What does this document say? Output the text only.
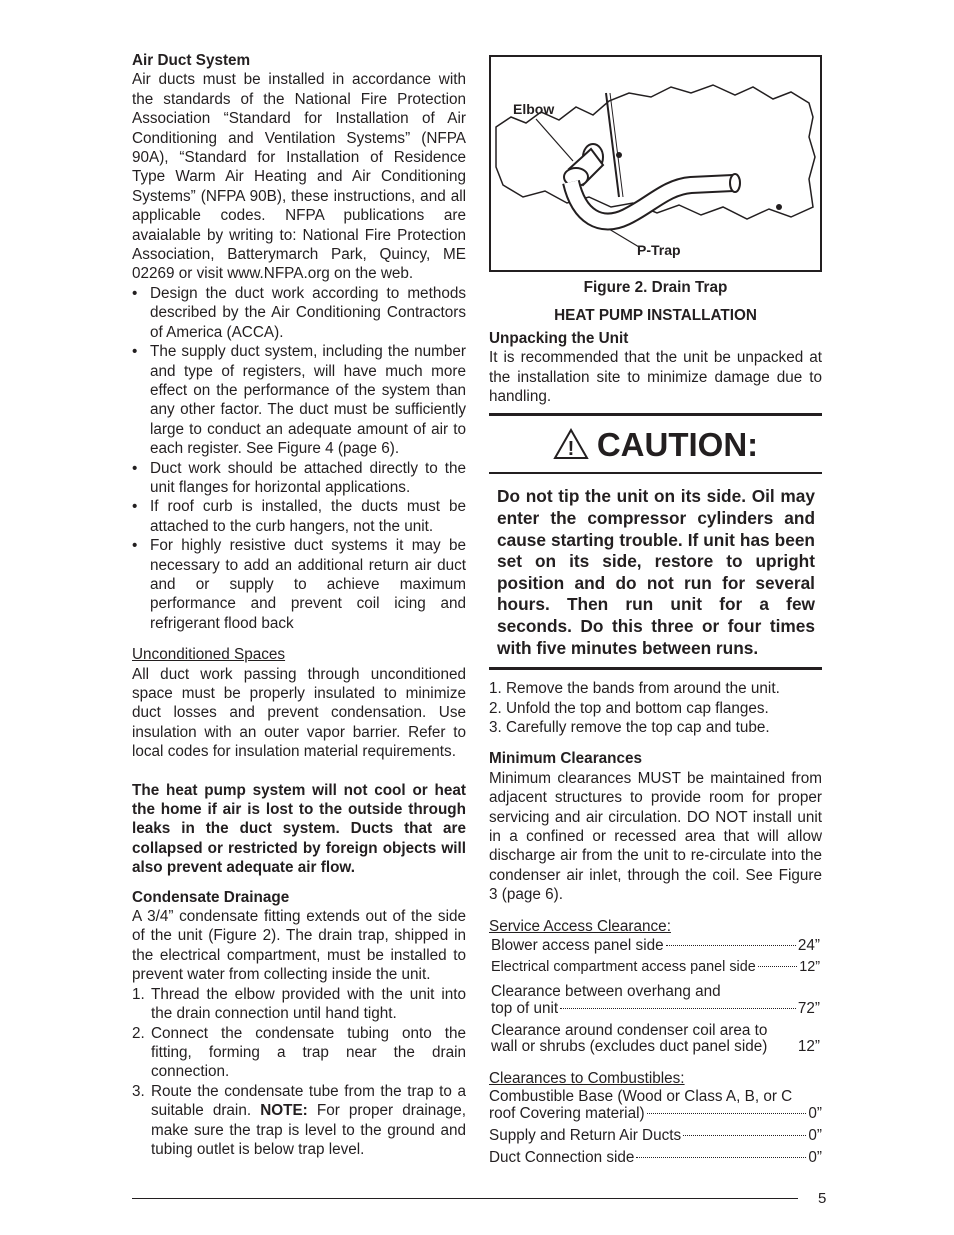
Air Duct System

Air ducts must be installed in accordance with the standards of the National Fire Protection Association “Standard for Installation of Air Conditioning and Ventilation Systems” (NFPA 90A), “Standard for Installation of Residence Type Warm Air Heating and Air Conditioning Systems” (NFPA 90B), these instructions, and all applicable codes. NFPA publications are avaialable by writing to: National Fire Protection Association, Batterymarch Park, Quincy, ME 02269 or visit www.NFPA.org on the web.

• Design the duct work according to methods described by the Air Conditioning Contractors of America (ACCA).
• The supply duct system, including the number and type of registers, will have much more effect on the performance of the system than any other factor. The duct must be sufficiently large to conduct an adequate amount of air to each register. See Figure 4 (page 6).
• Duct work should be attached directly to the unit flanges for horizontal applications.
• If roof curb is installed, the ducts must be attached to the curb hangers, not the unit.
• For highly resistive duct systems it may be necessary to add an additional return air duct and or supply to achieve maximum performance and prevent coil icing and refrigerant flood back

Unconditioned Spaces

All duct work passing through unconditioned space must be properly insulated to minimize duct losses and prevent condensation. Use insulation with an outer vapor barrier. Refer to local codes for insulation material requirements.

The heat pump system will not cool or heat the home if air is lost to the outside through leaks in the duct system. Ducts that are collapsed or restricted by foreign objects will also prevent adequate air flow.

Condensate Drainage

A 3/4” condensate fitting extends out of the side of the unit (Figure 2). The drain trap, shipped in the electrical compartment, must be installed to prevent water from collecting inside the unit.

1. Thread the elbow provided with the unit into the drain connection until hand tight.
2. Connect the condensate tubing onto the fitting, forming a trap near the drain connection.
3. Route the condensate tube from the trap to a suitable drain. NOTE: For proper drainage, make sure the trap is level to the ground and tubing outlet is below trap level.
Elbow
P-Trap

Figure 2. Drain Trap

HEAT PUMP INSTALLATION

Unpacking the Unit

It is recommended that the unit be unpacked at the installation site to minimize damage due to handling.

! CAUTION:

Do not tip the unit on its side. Oil may enter the compressor cylinders and cause starting trouble. If unit has been set on its side, restore to upright position and do not run for several hours. Then run unit for a few seconds. Do this three or four times with five minutes between runs.

1. Remove the bands from around the unit.

2. Unfold the top and bottom cap flanges.

3. Carefully remove the top cap and tube.

Minimum Clearances

Minimum clearances MUST be maintained from adjacent structures to provide room for proper servicing and air circulation. DO NOT install unit in a confined or recessed area that will allow discharge air from the unit to re-circulate into the condenser air inlet, through the coil. See Figure 3 (page 6).

Service Access Clearance:

Blower access panel side	24”
Electrical compartment access panel side	12”
Clearance between overhang and
top of unit	72”
Clearance around condenser coil area to
wall or shrubs (excludes duct panel side) 12”

Clearances to Combustibles:

Combustible Base (Wood or Class A, B, or C
roof Covering material)	0”
Supply and Return Air Ducts	0”
Duct Connection side	0”
5
